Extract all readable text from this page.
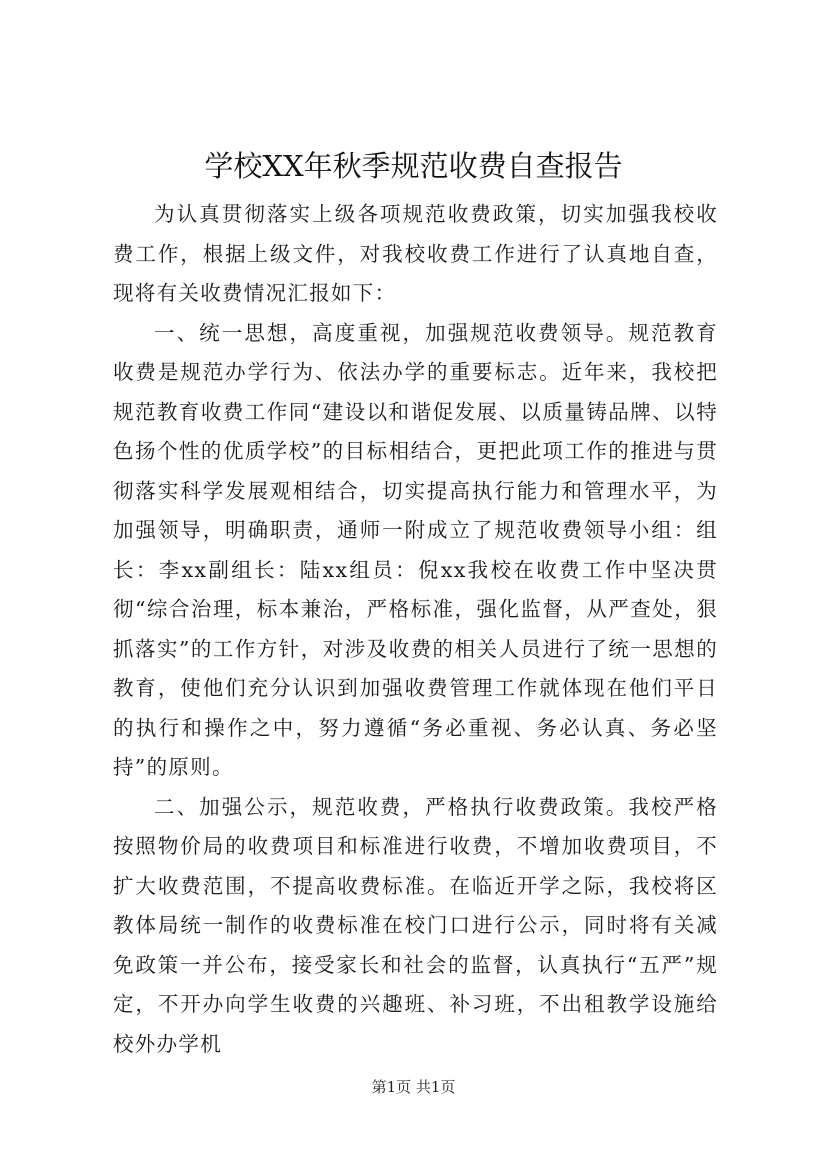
学校XX年秋季规范收费自查报告

为认真贯彻落实上级各项规范收费政策，切实加强我校收费工作，根据上级文件，对我校收费工作进行了认真地自查，现将有关收费情况汇报如下：

一、统一思想，高度重视，加强规范收费领导。规范教育收费是规范办学行为、依法办学的重要标志。近年来，我校把规范教育收费工作同“建设以和谐促发展、以质量铸品牌、以特色扬个性的优质学校”的目标相结合，更把此项工作的推进与贯彻落实科学发展观相结合，切实提高执行能力和管理水平，为加强领导，明确职责，通师一附成立了规范收费领导小组：组长：李xx副组长：陆xx组员：倪xx我校在收费工作中坚决贯彻“综合治理，标本兼治，严格标准，强化监督，从严查处，狠抓落实”的工作方针，对涉及收费的相关人员进行了统一思想的教育，使他们充分认识到加强收费管理工作就体现在他们平日的执行和操作之中，努力遵循“务必重视、务必认真、务必坚持”的原则。

二、加强公示，规范收费，严格执行收费政策。我校严格按照物价局的收费项目和标准进行收费，不增加收费项目，不扩大收费范围，不提高收费标准。在临近开学之际，我校将区教体局统一制作的收费标准在校门口进行公示，同时将有关减免政策一并公布，接受家长和社会的监督，认真执行“五严”规定，不开办向学生收费的兴趣班、补习班，不出租教学设施给校外办学机

第1页 共1页
